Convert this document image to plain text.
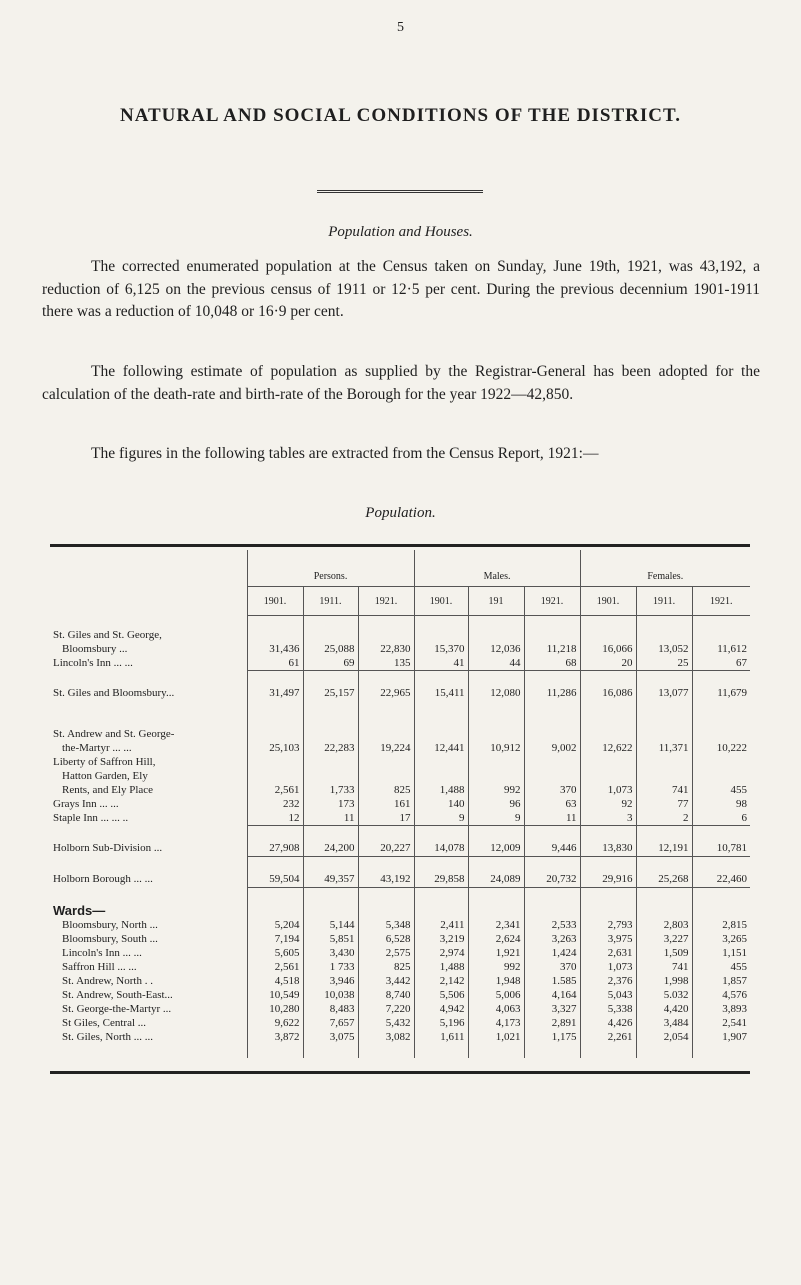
5
NATURAL AND SOCIAL CONDITIONS OF THE DISTRICT.

Population and Houses.

The corrected enumerated population at the Census taken on Sunday, June 19th, 1921, was 43,192, a reduction of 6,125 on the previous census of 1911 or 12·5 per cent. During the previous decennium 1901-1911 there was a reduction of 10,048 or 16·9 per cent.

The following estimate of population as supplied by the Registrar-General has been adopted for the calculation of the death-rate and birth-rate of the Borough for the year 1922—42,850.

The figures in the following tables are extracted from the Census Report, 1921:—

Population.

	Persons.			Males.			Females.		
	1901.	1911.	1921.	1901.	191	1921.	1901.	1911.	1921.

St. Giles and St. George,									
Bloomsbury ...	31,436	25,088	22,830	15,370	12,036	11,218	16,066	13,052	11,612
Lincoln's Inn ... ...	61	69	135	41	44	68	20	25	67

St. Giles and Bloomsbury...	31,497	25,157	22,965	15,411	12,080	11,286	16,086	13,077	11,679

St. Andrew and St. George-									
the-Martyr ... ...	25,103	22,283	19,224	12,441	10,912	9,002	12,622	11,371	10,222
Liberty of Saffron Hill,									
Hatton Garden, Ely									
Rents, and Ely Place	2,561	1,733	825	1,488	992	370	1,073	741	455
Grays Inn ... ...	232	173	161	140	96	63	92	77	98
Staple Inn ... ... ..	12	11	17	9	9	11	3	2	6

Holborn Sub-Division ...	27,908	24,200	20,227	14,078	12,009	9,446	13,830	12,191	10,781

Holborn Borough ... ...	59,504	49,357	43,192	29,858	24,089	20,732	29,916	25,268	22,460

Wards—									
Bloomsbury, North ...	5,204	5,144	5,348	2,411	2,341	2,533	2,793	2,803	2,815
Bloomsbury, South ...	7,194	5,851	6,528	3,219	2,624	3,263	3,975	3,227	3,265
Lincoln's Inn ... ...	5,605	3,430	2,575	2,974	1,921	1,424	2,631	1,509	1,151
Saffron Hill ... ...	2,561	1 733	825	1,488	992	370	1,073	741	455
St. Andrew, North . .	4,518	3,946	3,442	2,142	1,948	1.585	2,376	1,998	1,857
St. Andrew, South-East...	10,549	10,038	8,740	5,506	5,006	4,164	5,043	5.032	4,576
St. George-the-Martyr ...	10,280	8,483	7,220	4,942	4,063	3,327	5,338	4,420	3,893
St Giles, Central ...	9,622	7,657	5,432	5,196	4,173	2,891	4,426	3,484	2,541
St. Giles, North ... ...	3,872	3,075	3,082	1,611	1,021	1,175	2,261	2,054	1,907
